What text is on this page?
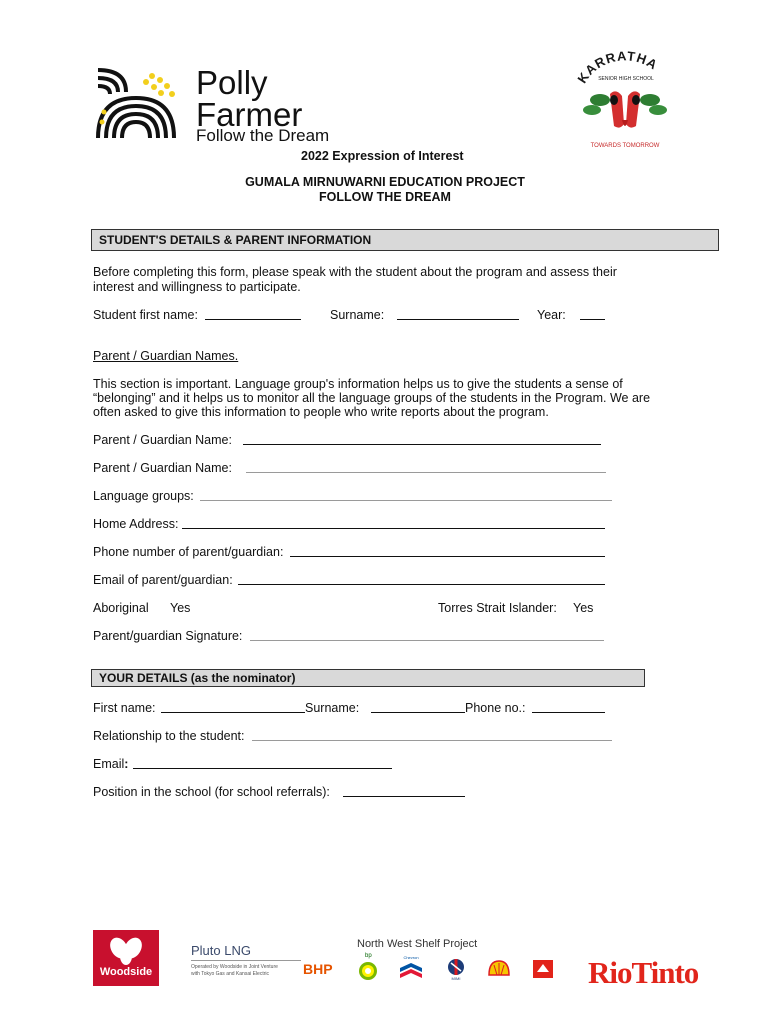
Polly
Farmer
Follow the Dream
KARRATHA
SENIOR HIGH SCHOOL
TOWARDS TOMORROW
2022 Expression of Interest
GUMALA MIRNUWARNI EDUCATION PROJECT
FOLLOW THE DREAM
STUDENT'S DETAILS & PARENT INFORMATION
Before completing this form, please speak with the student about the program and assess their
interest and willingness to participate.
Student first name:	Surname:	Year:
Parent / Guardian Names.
This section is important. Language group's information helps us to give the students a sense of
“belonging” and it helps us to monitor all the language groups of the students in the Program. We are
often asked to give this information to people who write reports about the program.
Parent / Guardian Name:
Parent / Guardian Name:
Language groups:
Home Address:
Phone number of parent/guardian:
Email of parent/guardian:
Aboriginal Yes	Torres Strait Islander: Yes
Parent/guardian Signature:
YOUR DETAILS (as the nominator)
First name:	Surname:	Phone no.:
Relationship to the student:
Email:
Position in the school (for school referrals):
Woodside
Pluto LNG
Operated by Woodside in Joint Venture
with Tokyo Gas and Kansai Electric
North West Shelf Project
BHP
bp	Chevron
MIMI	RioTinto
